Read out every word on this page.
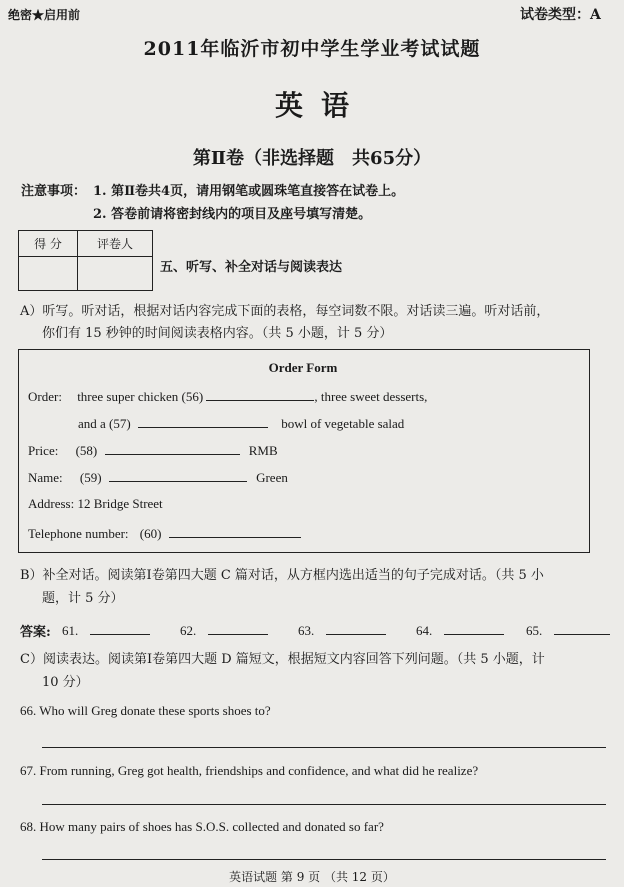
绝密★启用前	试卷类型：A
2011年临沂市初中学生学业考试试题
英语
第Ⅱ卷（非选择题　共65分）
注意事项： 1. 第Ⅱ卷共4页，请用钢笔或圆珠笔直接答在试卷上。
2. 答卷前请将密封线内的项目及座号填写清楚。
得 分	评卷人

五、听写、补全对话与阅读表达
A）听写。听对话，根据对话内容完成下面的表格，每空词数不限。对话读三遍。听对话前，
你们有 15 秒钟的时间阅读表格内容。（共 5 小题，计 5 分）
Order Form
Order: three super chicken (56)	, three sweet desserts,
and a (57)	bowl of vegetable salad
Price: (58)	RMB
Name: (59)	Green
Address: 12 Bridge Street
Telephone number: (60)
B）补全对话。阅读第Ⅰ卷第四大题 C 篇对话，从方框内选出适当的句子完成对话。（共 5 小
题，计 5 分）
答案: 61.	62.	63.	64.	65.
C）阅读表达。阅读第Ⅰ卷第四大题 D 篇短文，根据短文内容回答下列问题。（共 5 小题，计
10 分）
66. Who will Greg donate these sports shoes to?
67. From running, Greg got health, friendships and confidence, and what did he realize?
68. How many pairs of shoes has S.O.S. collected and donated so far?
英语试题 第 9 页 （共 12 页）
